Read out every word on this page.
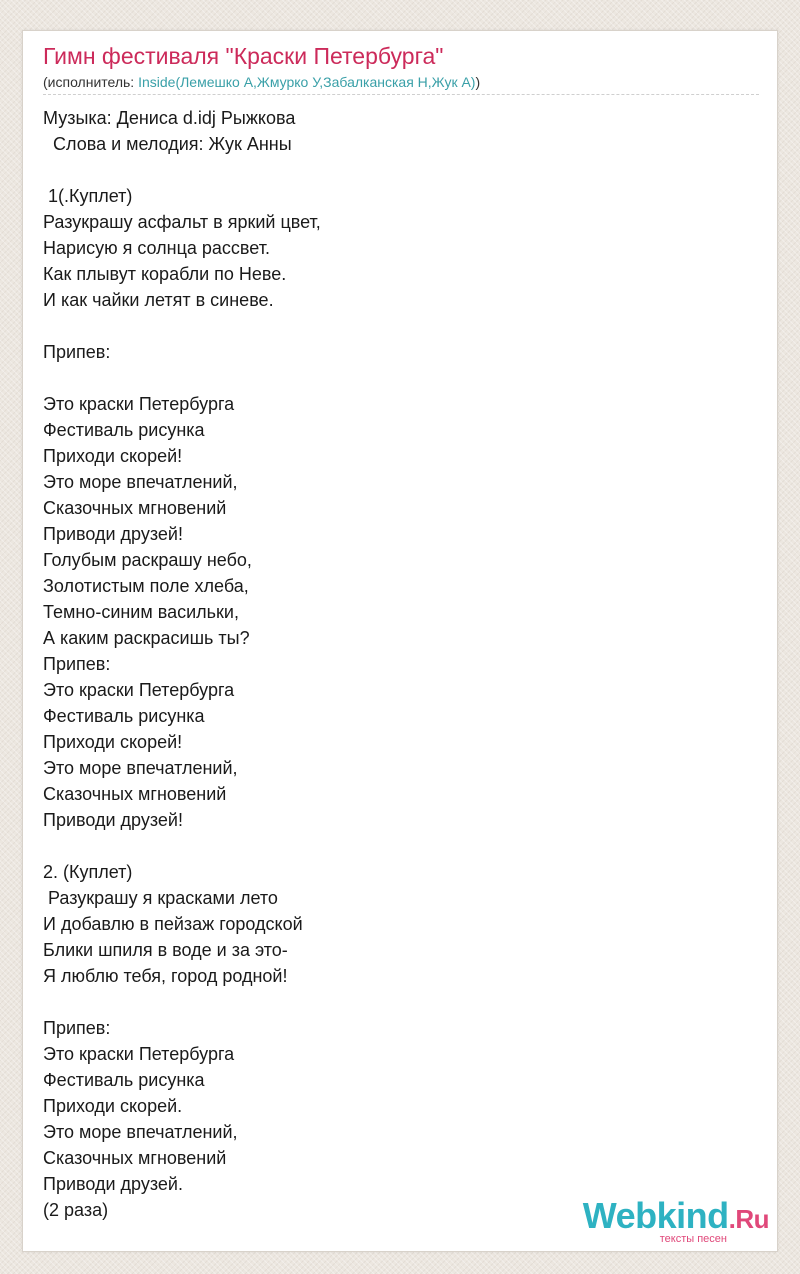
Гимн фестиваля "Краски Петербурга"
(исполнитель: Inside(Лемешко А,Жмурко У,Забалканская Н,Жук А))
Музыка: Дениса d.idj Рыжкова
Слова и мелодия: Жук Анны
1(.Куплет)
Разукрашу асфальт в яркий цвет,
Нарисую я солнца рассвет.
Как плывут корабли по Неве.
И как чайки летят в синеве.
Припев:
Это краски Петербурга
Фестиваль рисунка
Приходи скорей!
Это море впечатлений,
Сказочных мгновений
Приводи друзей!
Голубым раскрашу небо,
Золотистым поле хлеба,
Темно-синим васильки,
А каким раскрасишь ты?
Припев:
Это краски Петербурга
Фестиваль рисунка
Приходи скорей!
Это море впечатлений,
Сказочных мгновений
Приводи друзей!
2. (Куплет)
Разукрашу я красками лето
И добавлю в пейзаж городской
Блики шпиля в воде и за это-
Я люблю тебя, город родной!
Припев:
Это краски Петербурга
Фестиваль рисунка
Приходи скорей.
Это море впечатлений,
Сказочных мгновений
Приводи друзей.
(2 раза)	Webkind.Ru
тексты песен
